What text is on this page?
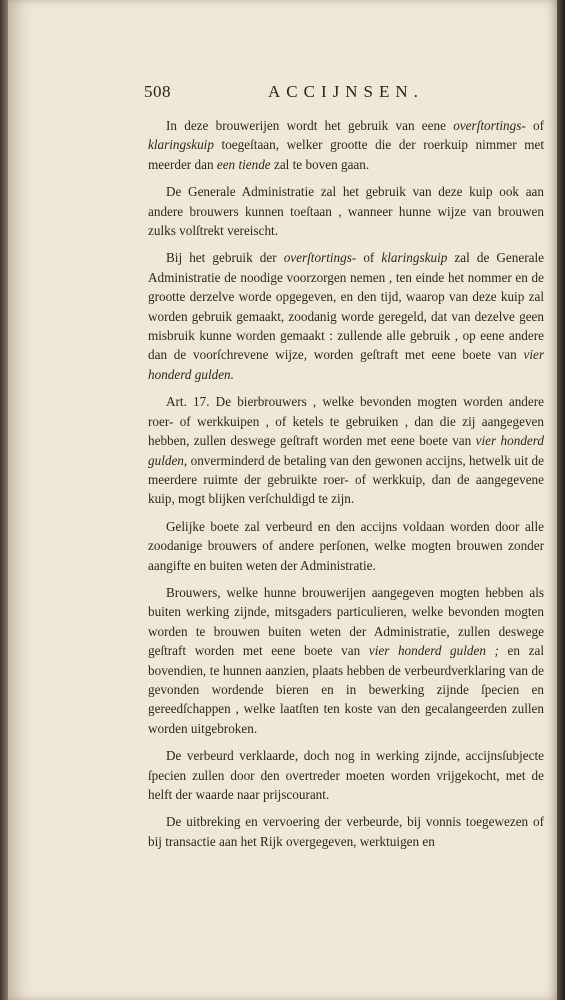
508	ACCIJNSEN.

In deze brouwerijen wordt het gebruik van eene overſtortings- of klaringskuip toegeſtaan, welker grootte die der roerkuip nimmer met meerder dan een tiende zal te boven gaan.

De Generale Administratie zal het gebruik van deze kuip ook aan andere brouwers kunnen toeſtaan , wanneer hunne wijze van brouwen zulks volſtrekt vereischt.

Bij het gebruik der overſtortings- of klaringskuip zal de Generale Administratie de noodige voorzorgen nemen , ten einde het nommer en de grootte derzelve worde opgegeven, en den tijd, waarop van deze kuip zal worden gebruik gemaakt, zoodanig worde geregeld, dat van dezelve geen misbruik kunne worden gemaakt : zullende alle gebruik , op eene andere dan de voorſchrevene wijze, worden geſtraft met eene boete van vier honderd gulden.

Art. 17. De bierbrouwers , welke bevonden mogten worden andere roer- of werkkuipen , of ketels te gebruiken , dan die zij aangegeven hebben, zullen deswege geſtraft worden met eene boete van vier honderd gulden, onverminderd de betaling van den gewonen accijns, hetwelk uit de meerdere ruimte der gebruikte roer- of werkkuip, dan de aangegevene kuip, mogt blijken verſchuldigd te zijn.

Gelijke boete zal verbeurd en den accijns voldaan worden door alle zoodanige brouwers of andere perſonen, welke mogten brouwen zonder aangifte en buiten weten der Administratie.

Brouwers, welke hunne brouwerijen aangegeven mogten hebben als buiten werking zijnde, mitsgaders particulieren, welke bevonden mogten worden te brouwen buiten weten der Administratie, zullen deswege geſtraft worden met eene boete van vier honderd gulden ; en zal bovendien, te hunnen aanzien, plaats hebben de verbeurdverklaring van de gevonden wordende bieren en in bewerking zijnde ſpecien en gereedſchappen , welke laatſten ten koste van den gecalangeerden zullen worden uitgebroken.

De verbeurd verklaarde, doch nog in werking zijnde, accijnsſubjecte ſpecien zullen door den overtreder moeten worden vrijgekocht, met de helft der waarde naar prijscourant.

De uitbreking en vervoering der verbeurde, bij vonnis toegewezen of bij transactie aan het Rijk overgegeven, werktuigen en
